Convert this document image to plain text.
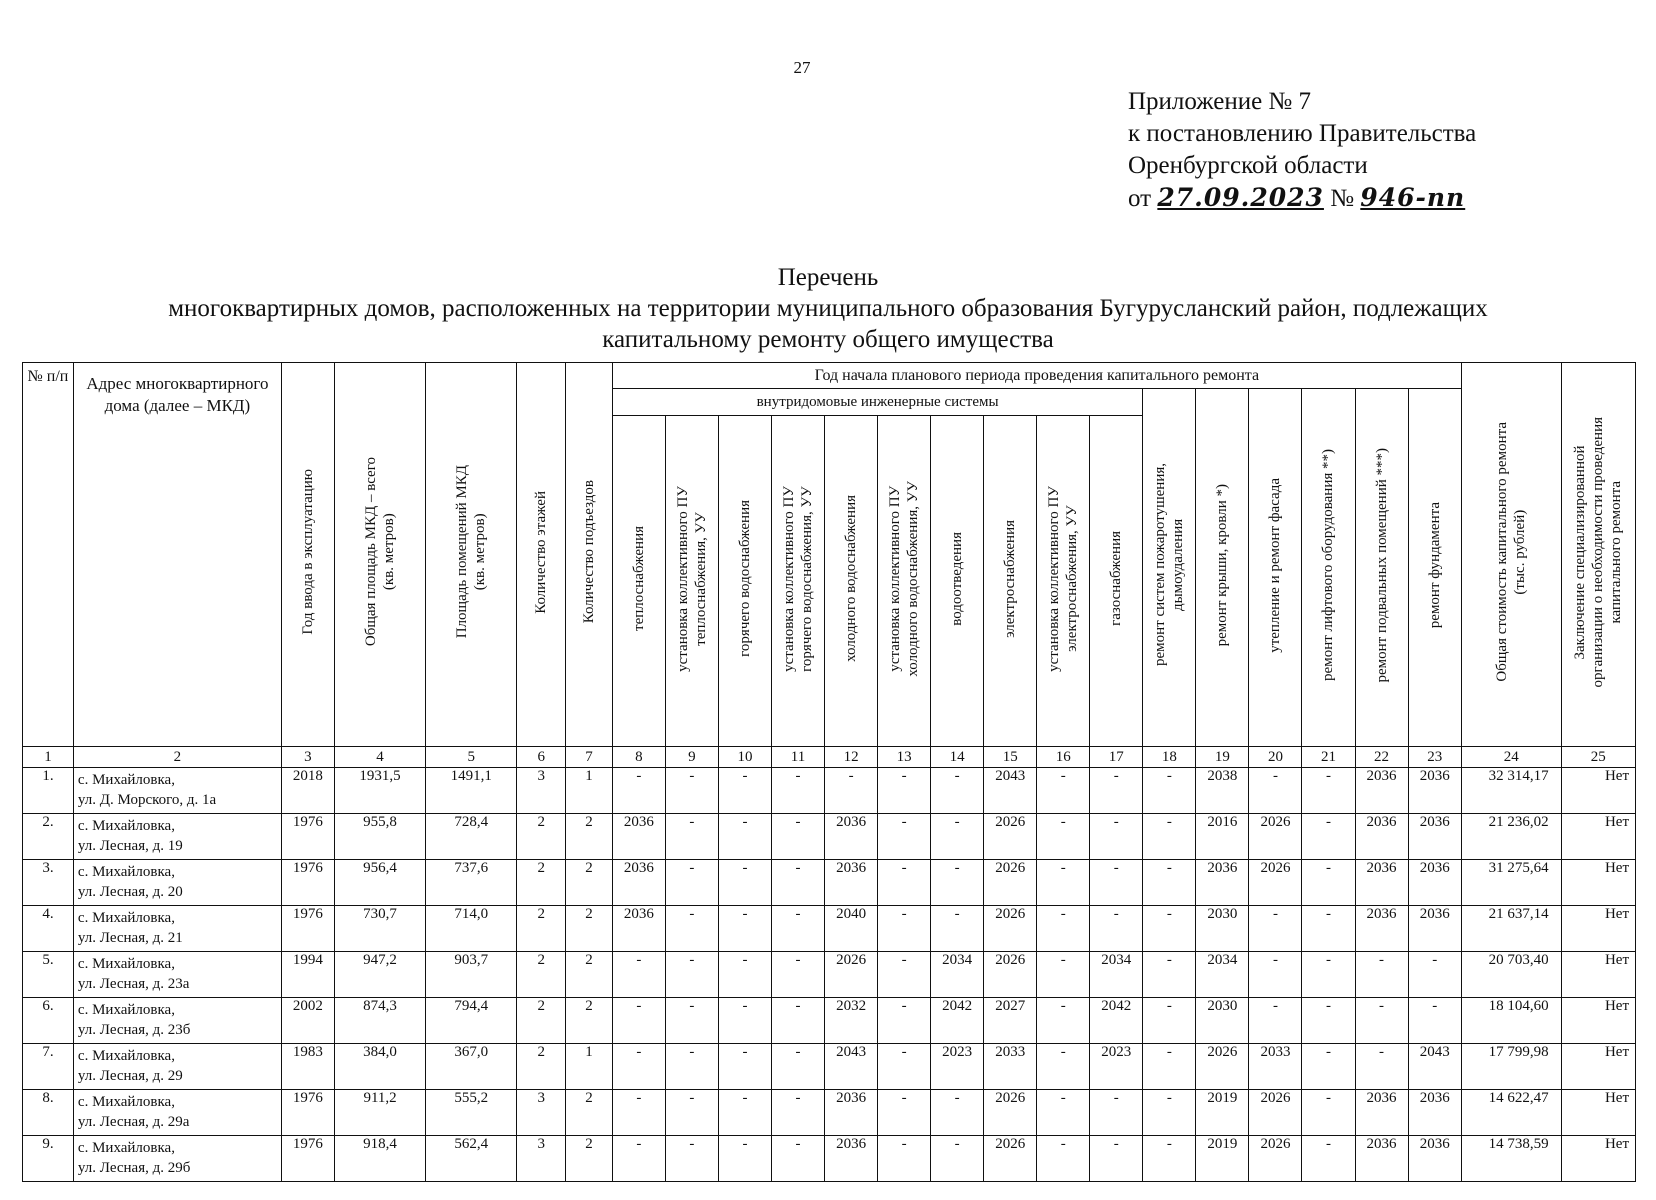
27
Приложение № 7
к постановлению Правительства
Оренбургской области
от 27.09.2023 № 946-пп
Перечень
многоквартирных домов, расположенных на территории муниципального образования Бугурусланский район, подлежащих
капитальному ремонту общего имущества
№ п/п	Адрес многоквартирного дома (далее – МКД)	Год ввода в эксплуатацию	Общая площадь МКД – всего (кв. метров)	Площадь помещений МКД (кв. метров)	Количество этажей	Количество подъездов	Год начала планового периода проведения капитального ремонта																Общая стоимость капитального ремонта (тыс. рублей)	Заключение специализированной организации о необходимости проведения капитального ремонта
							внутридомовые инженерные системы										ремонт систем пожаротушения, дымоудаления	ремонт крыши, кровли *)	утепление и ремонт фасада	ремонт лифтового оборудования **)	ремонт подвальных помещений ***)	ремонт фундамента		
							теплоснабжения	установка коллективного ПУ теплоснабжения, УУ	горячего водоснабжения	установка коллективного ПУ горячего водоснабжения, УУ	холодного водоснабжения	установка коллективного ПУ холодного водоснабжения, УУ	водоотведения	электроснабжения	установка коллективного ПУ электроснабжения, УУ	газоснабжения								
1	2	3	4	5	6	7	8	9	10	11	12	13	14	15	16	17	18	19	20	21	22	23	24	25
1.	с. Михайловка,
ул. Д. Морского, д. 1а	2018	1931,5	1491,1	3	1	-	-	-	-	-	-	-	2043	-	-	-	2038	-	-	2036	2036	32 314,17	Нет
2.	с. Михайловка,
ул. Лесная, д. 19	1976	955,8	728,4	2	2	2036	-	-	-	2036	-	-	2026	-	-	-	2016	2026	-	2036	2036	21 236,02	Нет
3.	с. Михайловка,
ул. Лесная, д. 20	1976	956,4	737,6	2	2	2036	-	-	-	2036	-	-	2026	-	-	-	2036	2026	-	2036	2036	31 275,64	Нет
4.	с. Михайловка,
ул. Лесная, д. 21	1976	730,7	714,0	2	2	2036	-	-	-	2040	-	-	2026	-	-	-	2030	-	-	2036	2036	21 637,14	Нет
5.	с. Михайловка,
ул. Лесная, д. 23а	1994	947,2	903,7	2	2	-	-	-	-	2026	-	2034	2026	-	2034	-	2034	-	-	-	-	20 703,40	Нет
6.	с. Михайловка,
ул. Лесная, д. 23б	2002	874,3	794,4	2	2	-	-	-	-	2032	-	2042	2027	-	2042	-	2030	-	-	-	-	18 104,60	Нет
7.	с. Михайловка,
ул. Лесная, д. 29	1983	384,0	367,0	2	1	-	-	-	-	2043	-	2023	2033	-	2023	-	2026	2033	-	-	2043	17 799,98	Нет
8.	с. Михайловка,
ул. Лесная, д. 29а	1976	911,2	555,2	3	2	-	-	-	-	2036	-	-	2026	-	-	-	2019	2026	-	2036	2036	14 622,47	Нет
9.	с. Михайловка,
ул. Лесная, д. 29б	1976	918,4	562,4	3	2	-	-	-	-	2036	-	-	2026	-	-	-	2019	2026	-	2036	2036	14 738,59	Нет
